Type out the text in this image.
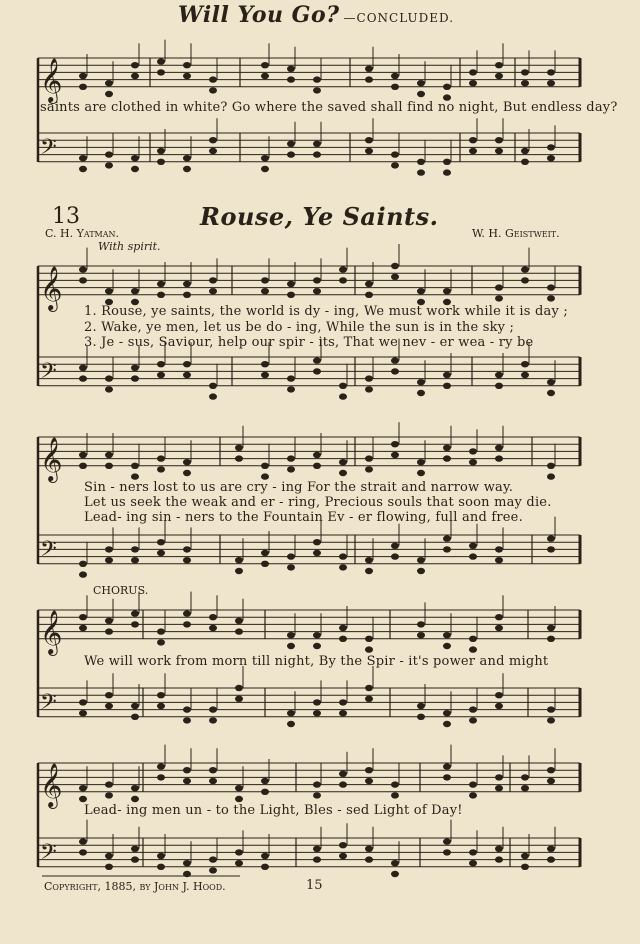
Will You Go? —CONCLUDED.
𝄞
𝄢
𝄞
𝄢
𝄞
𝄢
𝄞
𝄢
𝄞
𝄢
saints are clothed in white? Go where the saved shall find no night, But endless day?
13	Rouse, Ye Saints.
C. H. Yatman.	W. H. Geistweit.
With spirit.
1. Rouse, ye saints, the world is dy - ing, We must work while it is day ;
2. Wake, ye men, let us be do - ing, While the sun is in the sky ;
3. Je - sus, Saviour, help our spir - its, That we nev - er wea - ry be
Sin - ners lost to us are cry - ing For the strait and narrow way.
Let us seek the weak and er - ring, Precious souls that soon may die.
Lead- ing sin - ners to the Fountain Ev - er flowing, full and free.
CHORUS.
We will work from morn till night, By the Spir - it's power and might
Lead- ing men un - to the Light, Bles - sed Light of Day!
Copyright, 1885, by John J. Hood.	15
